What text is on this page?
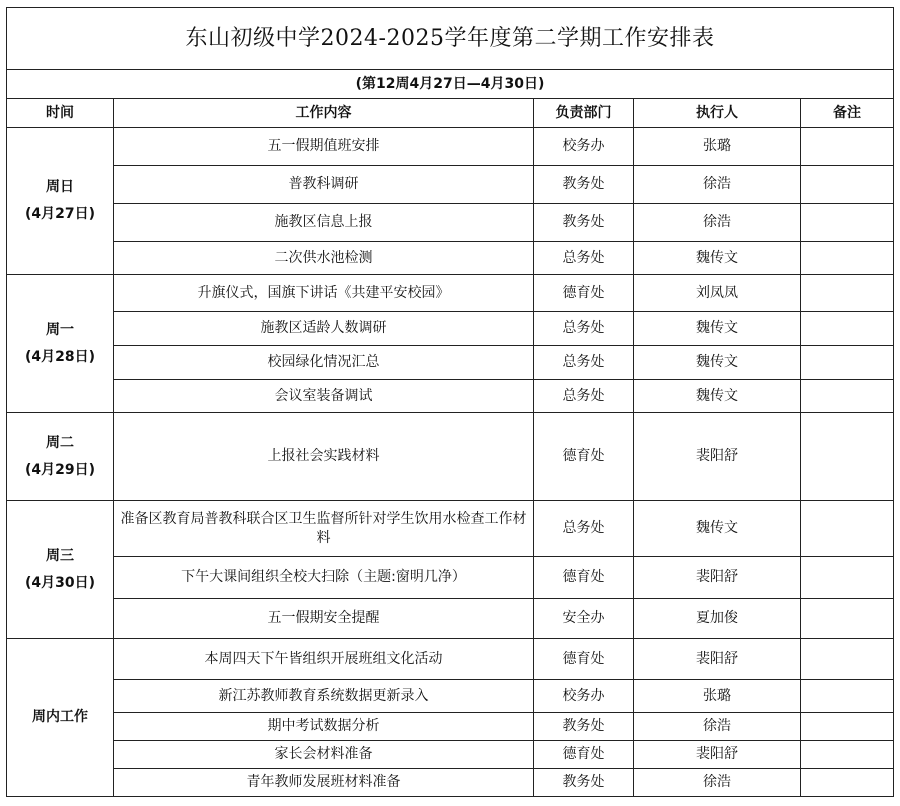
东山初级中学2024-2025学年度第二学期工作安排表				
(第12周4月27日—4月30日)				
时间	工作内容	负责部门	执行人	备注

周日
(4月27日)	五一假期值班安排	校务办	张璐	
	普教科调研	教务处	徐浩	
	施教区信息上报	教务处	徐浩	
	二次供水池检测	总务处	魏传文	

周一
(4月28日)	升旗仪式，国旗下讲话《共建平安校园》	德育处	刘凤凤	
	施教区适龄人数调研	总务处	魏传文	
	校园绿化情况汇总	总务处	魏传文	
	会议室装备调试	总务处	魏传文	

周二
(4月29日)	上报社会实践材料	德育处	裴阳舒	

周三
(4月30日)	准备区教育局普教科联合区卫生监督所针对学生饮用水检查工作材料	总务处	魏传文	
	下午大课间组织全校大扫除（主题:窗明几净）	德育处	裴阳舒	
	五一假期安全提醒	安全办	夏加俊	

周内工作	本周四天下午皆组织开展班组文化活动	德育处	裴阳舒	
	新江苏教师教育系统数据更新录入	校务办	张璐	
	期中考试数据分析	教务处	徐浩	
	家长会材料准备	德育处	裴阳舒	
	青年教师发展班材料准备	教务处	徐浩	
